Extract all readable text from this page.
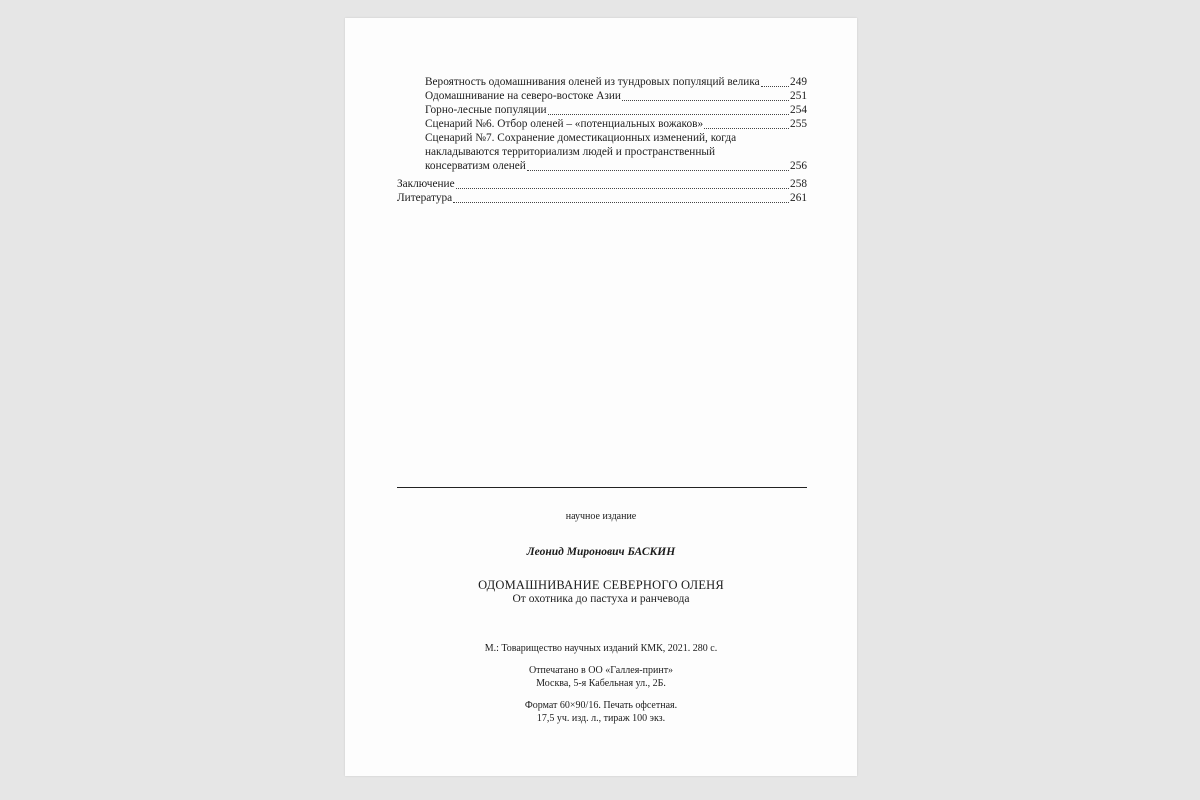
Вероятность одомашнивания оленей из тундровых популяций велика	249
Одомашнивание на северо-востоке Азии	251
Горно-лесные популяции	254
Сценарий №6. Отбор оленей – «потенциальных вожаков»	255
Сценарий №7. Сохранение доместикационных изменений, когда
накладываются территориализм людей и пространственный
консерватизм оленей	256
Заключение	258
Литература	261
научное издание
Леонид Миронович БАСКИН
ОДОМАШНИВАНИЕ СЕВЕРНОГО ОЛЕНЯ
От охотника до пастуха и ранчевода
М.: Товарищество научных изданий КМК, 2021. 280 с.
Отпечатано в ОО «Галлея-принт»
Москва, 5-я Кабельная ул., 2Б.
Формат 60×90/16. Печать офсетная.
17,5 уч. изд. л., тираж 100 экз.
